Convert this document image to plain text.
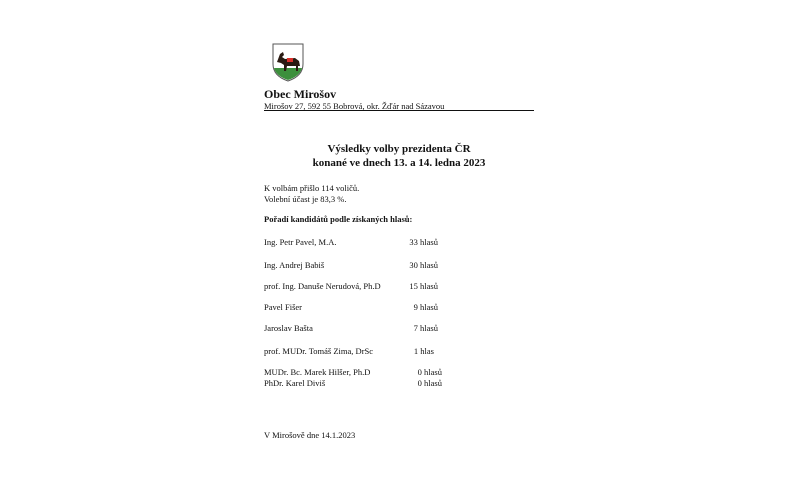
Obec Mirošov
Mirošov 27, 592 55 Bobrová, okr. Žďár nad Sázavou
Výsledky volby prezidenta ČR
konané ve dnech 13. a 14. ledna 2023
K volbám přišlo 114 voličů.
Volební účast je 83,3 %.
Pořadí kandidátů podle získaných hlasů:
Ing. Petr Pavel, M.A.	33 hlasů
Ing. Andrej Babiš	30 hlasů
prof. Ing. Danuše Nerudová, Ph.D	15 hlasů
Pavel Fišer	9 hlasů
Jaroslav Bašta	7 hlasů
prof. MUDr. Tomáš Zima, DrSc	1 hlas
MUDr. Bc. Marek Hilšer, Ph.D	0 hlasů
PhDr. Karel Diviš	0 hlasů
V Mirošově dne 14.1.2023
